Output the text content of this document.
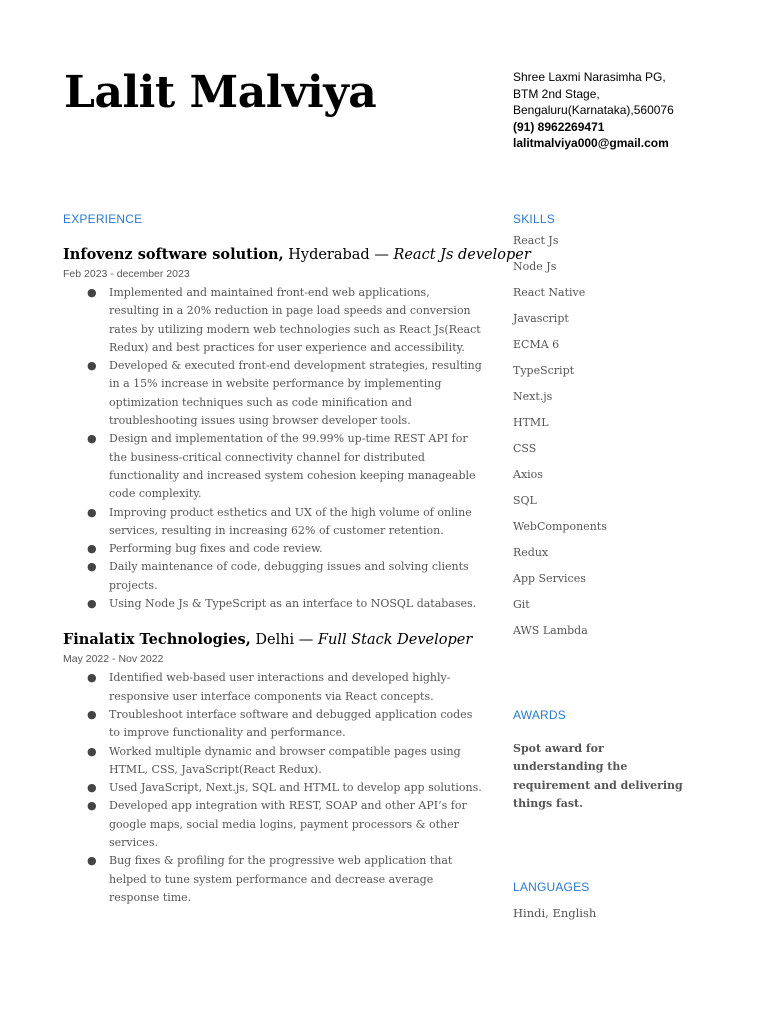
Lalit Malviya	Shree Laxmi Narasimha PG,
BTM 2nd Stage,
Bengaluru(Karnataka),560076
(91) 8962269471
lalitmalviya000@gmail.com
EXPERIENCE
Infovenz software solution, Hyderabad — React Js developer
Feb 2023 - december 2023
● Implemented and maintained front-end web applications, resulting in a 20% reduction in page load speeds and conversion rates by utilizing modern web technologies such as React Js(React Redux) and best practices for user experience and accessibility.
● Developed & executed front-end development strategies, resulting in a 15% increase in website performance by implementing optimization techniques such as code minification and troubleshooting issues using browser developer tools.
● Design and implementation of the 99.99% up-time REST API for the business-critical connectivity channel for distributed functionality and increased system cohesion keeping manageable code complexity.
● Improving product esthetics and UX of the high volume of online services, resulting in increasing 62% of customer retention.
● Performing bug fixes and code review.
● Daily maintenance of code, debugging issues and solving clients projects.
● Using Node Js & TypeScript as an interface to NOSQL databases.
Finalatix Technologies, Delhi — Full Stack Developer
May 2022 - Nov 2022
● Identified web-based user interactions and developed highly-responsive user interface components via React concepts.
● Troubleshoot interface software and debugged application codes to improve functionality and performance.
● Worked multiple dynamic and browser compatible pages using HTML, CSS, JavaScript(React Redux).
● Used JavaScript, Next.js, SQL and HTML to develop app solutions.
● Developed app integration with REST, SOAP and other API’s for google maps, social media logins, payment processors & other services.
● Bug fixes & profiling for the progressive web application that helped to tune system performance and decrease average response time.
SKILLS
React Js
Node Js
React Native
Javascript
ECMA 6
TypeScript
Next.js
HTML
CSS
Axios
SQL
WebComponents
Redux
App Services
Git
AWS Lambda
AWARDS

Spot award for understanding the requirement and delivering things fast.

LANGUAGES
Hindi, English
